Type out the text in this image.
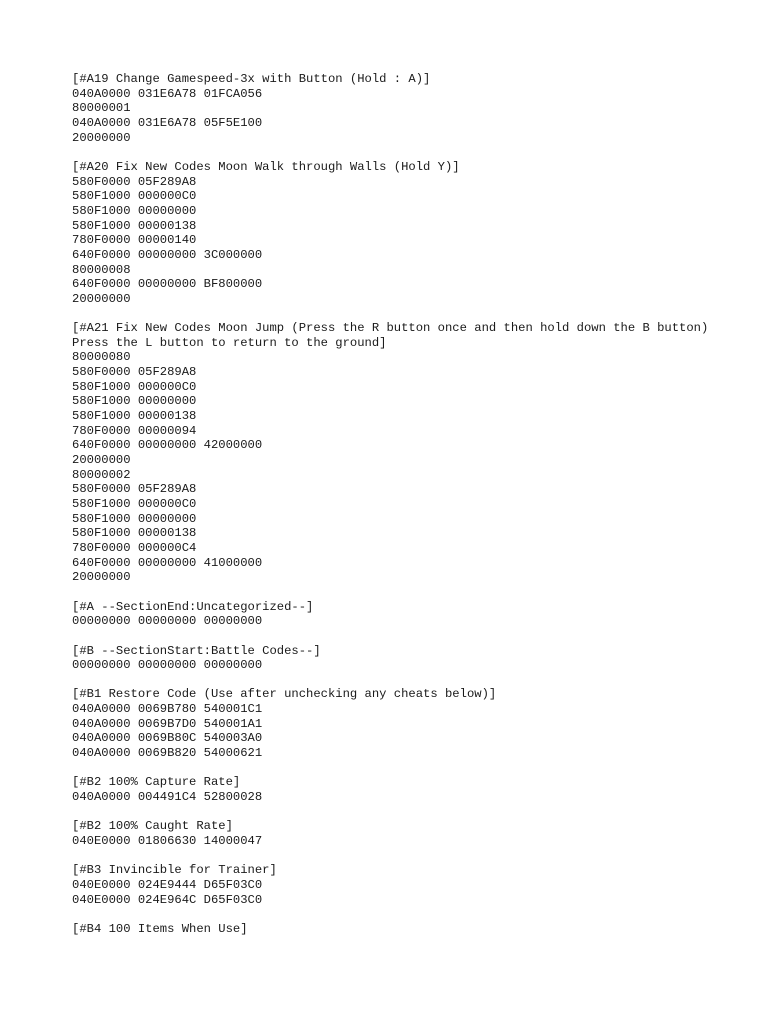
[#A19 Change Gamespeed-3x with Button (Hold : A)]
040A0000 031E6A78 01FCA056
80000001
040A0000 031E6A78 05F5E100
20000000
[#A20 Fix New Codes Moon Walk through Walls (Hold Y)]
580F0000 05F289A8
580F1000 000000C0
580F1000 00000000
580F1000 00000138
780F0000 00000140
640F0000 00000000 3C000000
80000008
640F0000 00000000 BF800000
20000000
[#A21 Fix New Codes Moon Jump (Press the R button once and then hold down the B button) Press the L button to return to the ground]
80000080
580F0000 05F289A8
580F1000 000000C0
580F1000 00000000
580F1000 00000138
780F0000 00000094
640F0000 00000000 42000000
20000000
80000002
580F0000 05F289A8
580F1000 000000C0
580F1000 00000000
580F1000 00000138
780F0000 000000C4
640F0000 00000000 41000000
20000000
[#A --SectionEnd:Uncategorized--]
00000000 00000000 00000000
[#B --SectionStart:Battle Codes--]
00000000 00000000 00000000
[#B1 Restore Code (Use after unchecking any cheats below)]
040A0000 0069B780 540001C1
040A0000 0069B7D0 540001A1
040A0000 0069B80C 540003A0
040A0000 0069B820 54000621
[#B2 100% Capture Rate]
040A0000 004491C4 52800028
[#B2 100% Caught Rate]
040E0000 01806630 14000047
[#B3 Invincible for Trainer]
040E0000 024E9444 D65F03C0
040E0000 024E964C D65F03C0
[#B4 100 Items When Use]
